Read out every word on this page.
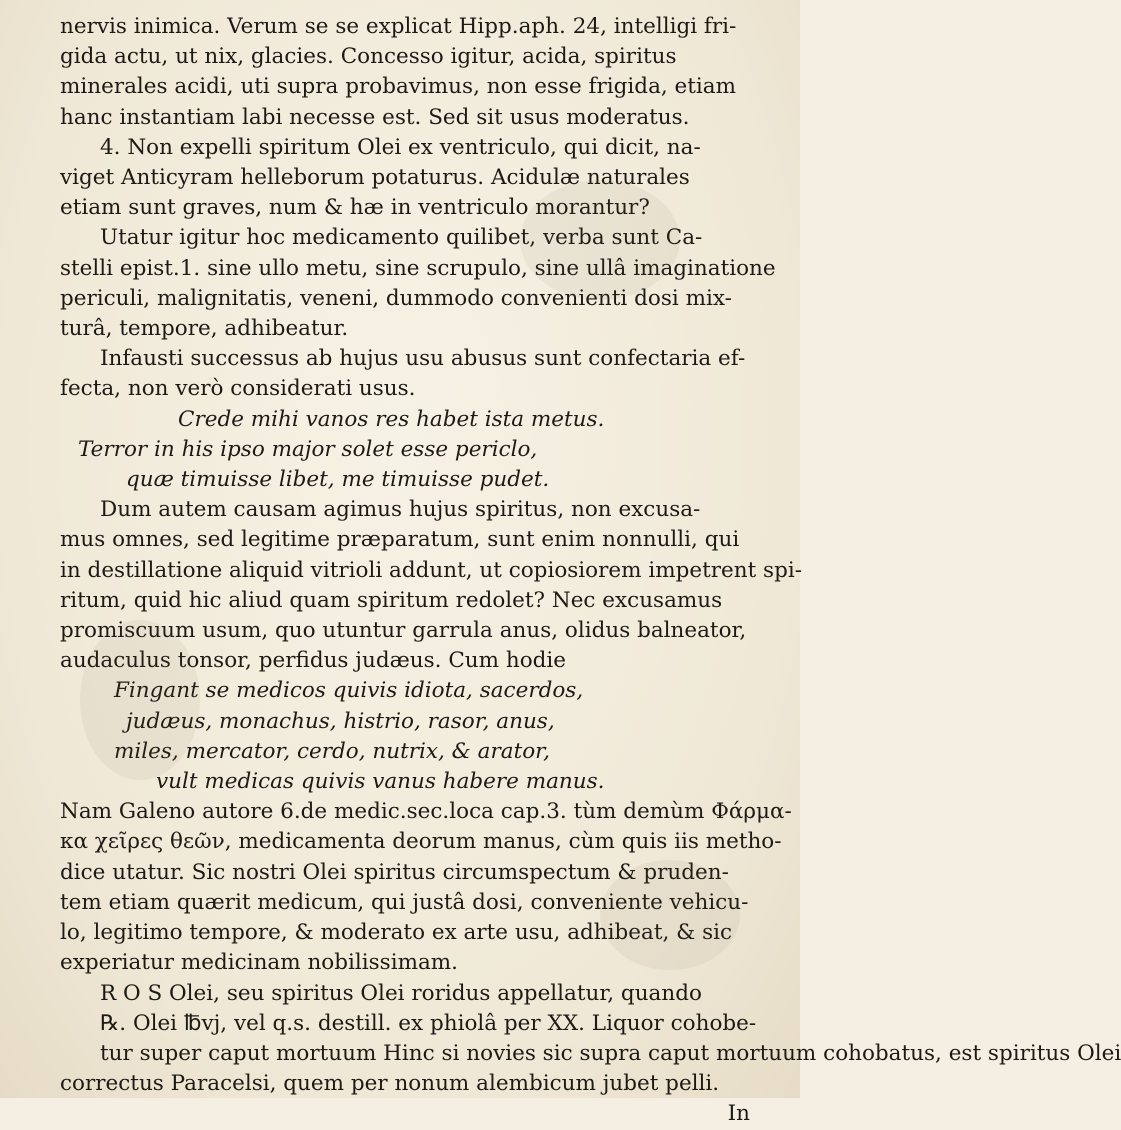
nervis inimica. Verum se se explicat Hipp.aph. 24, intelligi fri-

gida actu, ut nix, glacies. Concesso igitur, acida, spiritus

minerales acidi, uti supra probavimus, non esse frigida, etiam

hanc instantiam labi necesse est. Sed sit usus moderatus.

4. Non expelli spiritum Olei ex ventriculo, qui dicit, na-

viget Anticyram helleborum potaturus. Acidulæ naturales

etiam sunt graves, num & hæ in ventriculo morantur?

Utatur igitur hoc medicamento quilibet, verba sunt Ca-

stelli epist.1. sine ullo metu, sine scrupulo, sine ullâ imaginatione

periculi, malignitatis, veneni, dummodo convenienti dosi mix-

turâ, tempore, adhibeatur.

Infausti successus ab hujus usu abusus sunt confectaria ef-

fecta, non verò considerati usus.

Crede mihi vanos res habet ista metus.

Terror in his ipso major solet esse periclo,

quæ timuisse libet, me timuisse pudet.

Dum autem causam agimus hujus spiritus, non excusa-

mus omnes, sed legitime præparatum, sunt enim nonnulli, qui

in destillatione aliquid vitrioli addunt, ut copiosiorem impetrent spi-

ritum, quid hic aliud quam spiritum redolet? Nec excusamus

promiscuum usum, quo utuntur garrula anus, olidus balneator,

audaculus tonsor, perfidus judæus. Cum hodie

Fingant se medicos quivis idiota, sacerdos,

judæus, monachus, histrio, rasor, anus,

miles, mercator, cerdo, nutrix, & arator,

vult medicas quivis vanus habere manus.

Nam Galeno autore 6.de medic.sec.loca cap.3. tùm demùm Φάρμα-

κα χεῖρες θεῶν, medicamenta deorum manus, cùm quis iis metho-

dice utatur. Sic nostri Olei spiritus circumspectum & pruden-

tem etiam quærit medicum, qui justâ dosi, conveniente vehicu-

lo, legitimo tempore, & moderato ex arte usu, adhibeat, & sic

experiatur medicinam nobilissimam.

R O S Olei, seu spiritus Olei roridus appellatur, quando

℞. Olei ℔vj, vel q.s. destill. ex phiolâ per XX. Liquor cohobe-

tur super caput mortuum Hinc si novies sic supra caput mortuum cohobatus, est spiritus Olei

correctus Paracelsi, quem per nonum alembicum jubet pelli.

In
